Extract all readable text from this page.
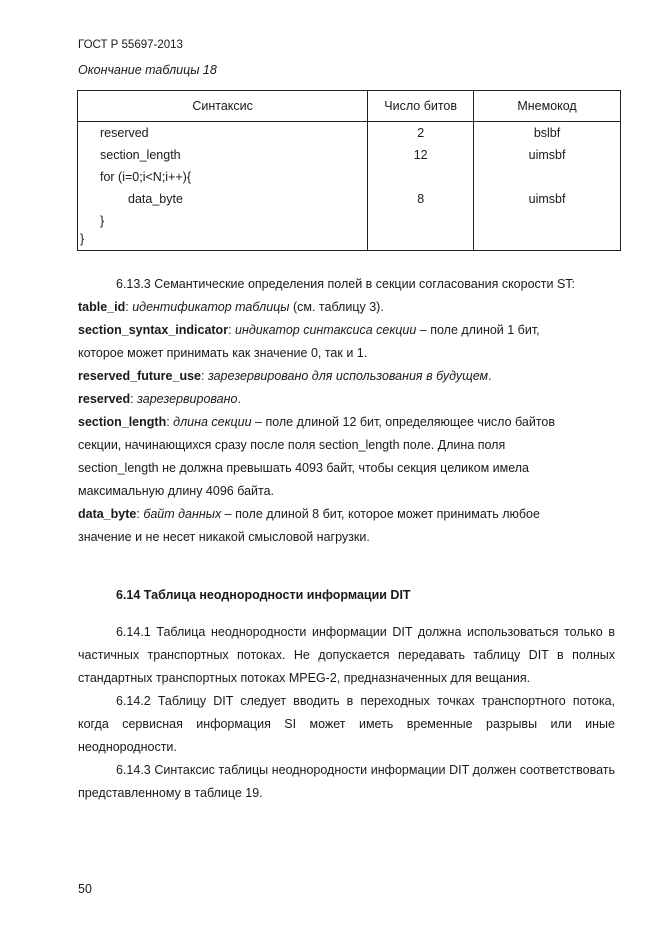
ГОСТ Р 55697-2013
Окончание таблицы 18
Синтаксис	Число битов	Мнемокод
reserved	2	bslbf
section_length	12	uimsbf
for (i=0;i<N;i++){		
data_byte	8	uimsbf
}		
}		

6.13.3 Семантические определения полей в секции согласования скорости ST:

table_id: идентификатор таблицы (см. таблицу 3).

section_syntax_indicator: индикатор синтаксиса секции – поле длиной 1 бит,

которое может принимать как значение 0, так и 1.

reserved_future_use: зарезервировано для использования в будущем.

reserved: зарезервировано.

section_length: длина секции – поле длиной 12 бит, определяющее число байтов

секции, начинающихся сразу после поля section_length поле. Длина поля

section_length не должна превышать 4093 байт, чтобы секция целиком имела

максимальную длину 4096 байта.

data_byte: байт данных – поле длиной 8 бит, которое может принимать любое

значение и не несет никакой смысловой нагрузки.

6.14 Таблица неоднородности информации DIT

6.14.1 Таблица неоднородности информации DIT должна использоваться только в частичных транспортных потоках. Не допускается передавать таблицу DIT в полных стандартных транспортных потоках MPEG-2, предназначенных для вещания.

6.14.2 Таблицу DIT следует вводить в переходных точках транспортного потока, когда сервисная информация SI может иметь временные разрывы или иные неоднородности.

6.14.3 Синтаксис таблицы неоднородности информации DIT должен соответствовать представленному в таблице 19.

50
